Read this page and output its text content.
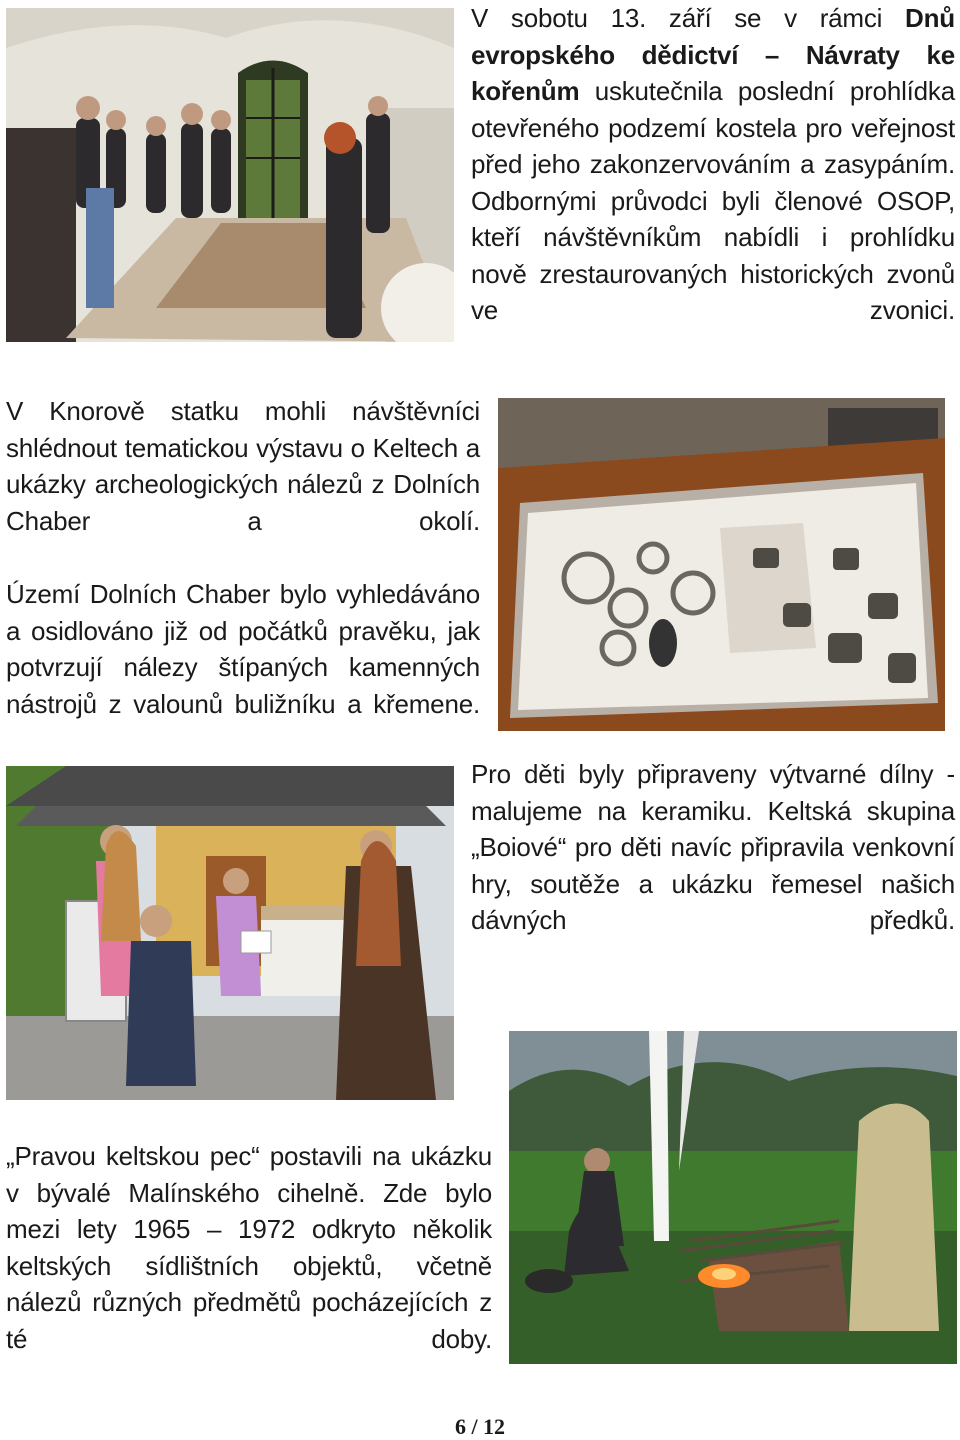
V sobotu 13. září se v rámci Dnů evropského dědictví – Návraty ke kořenům uskutečnila poslední prohlídka otevřeného podzemí kostela pro veřejnost před jeho zakonzervováním a zasypáním. Odbornými průvodci byli členové OSOP, kteří návštěvníkům nabídli i prohlídku nově zrestaurovaných historických zvonů ve zvonici.

V Knorově statku mohli návštěvníci shlédnout tematickou výstavu o Keltech a ukázky archeologických nálezů z Dolních Chaber a okolí.

Území Dolních Chaber bylo vyhledáváno a osidlováno již od počátků pravěku, jak potvrzují nálezy štípaných kamenných nástrojů z valounů buližníku a křemene.

Pro děti byly připraveny výtvarné dílny - malujeme na keramiku. Keltská skupina „Boiové“ pro děti navíc připravila venkovní hry, soutěže a ukázku řemesel našich dávných předků.

„Pravou keltskou pec“ postavili na ukázku v bývalé Malínského cihelně. Zde bylo mezi lety 1965 – 1972 odkryto několik keltských sídlištních objektů, včetně nálezů různých předmětů pocházejících z té doby.

6 / 12
